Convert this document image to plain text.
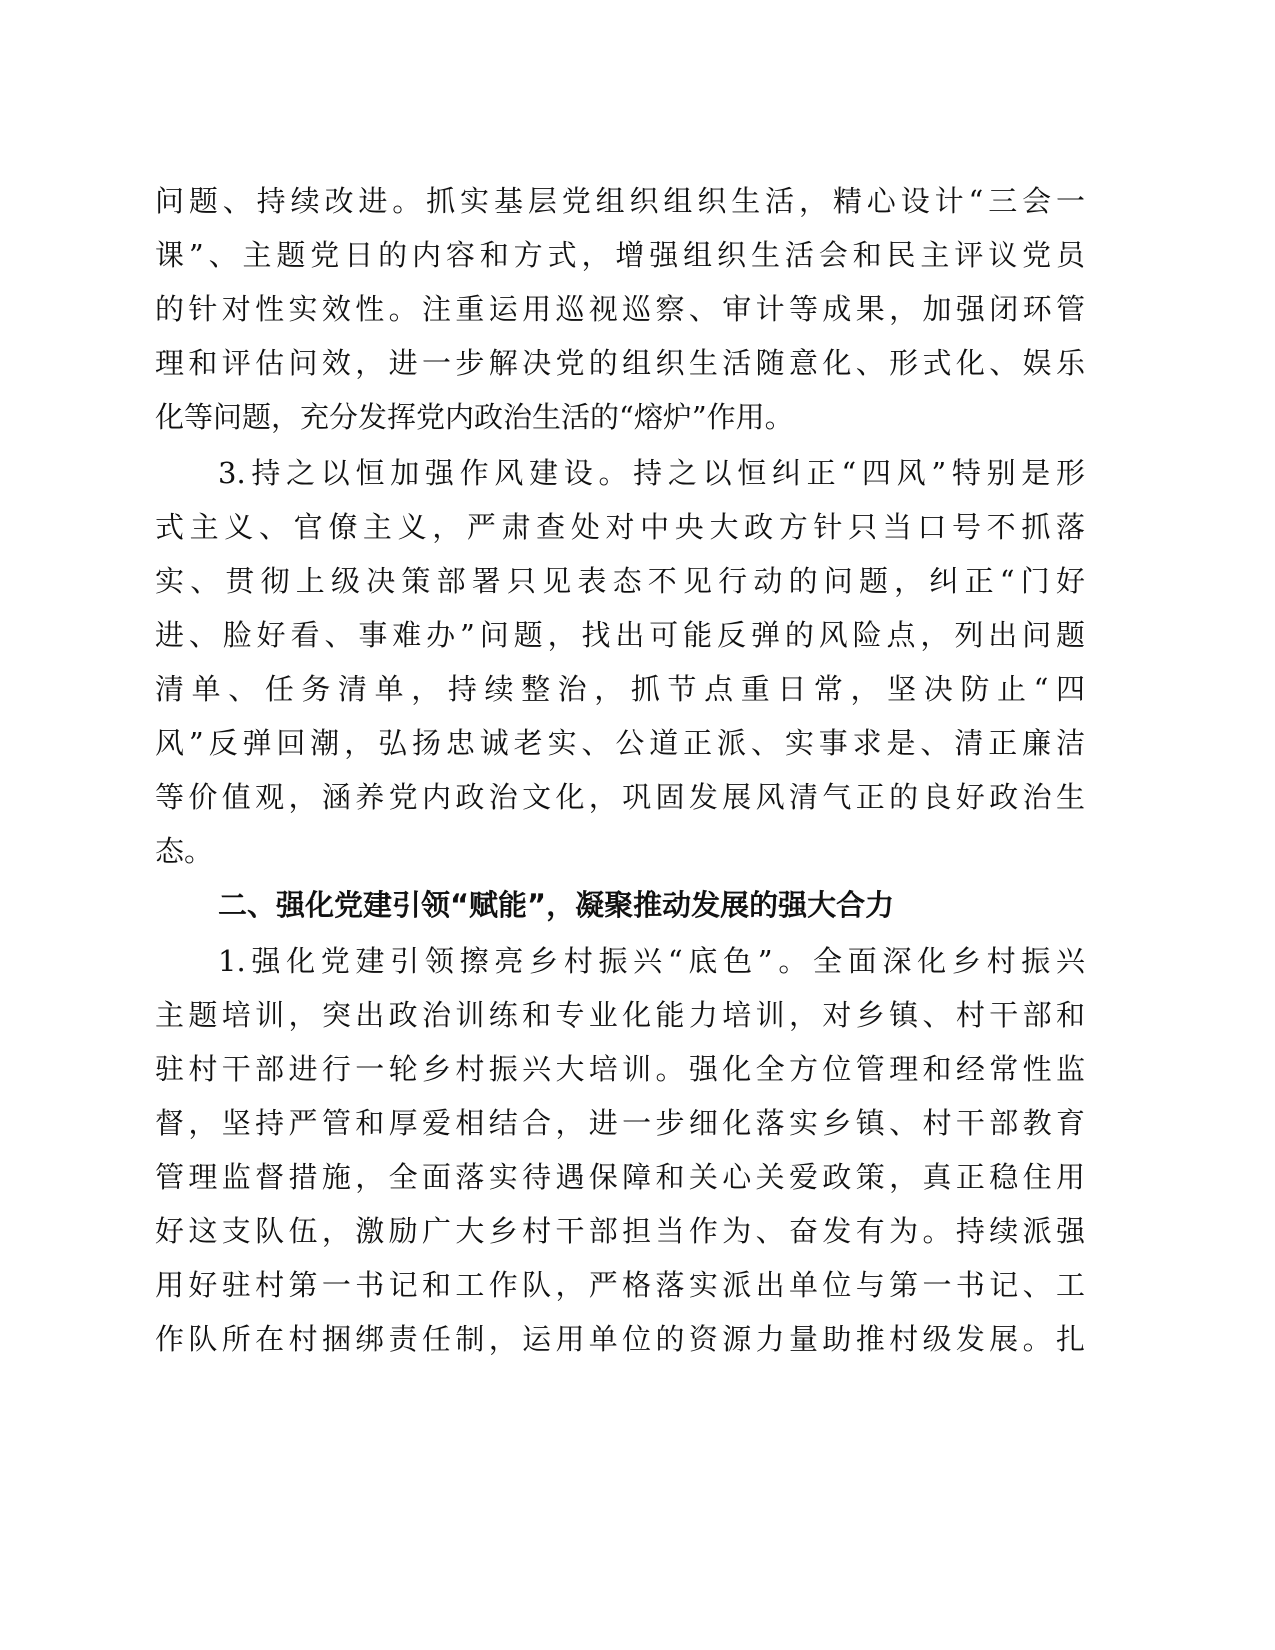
问题、持续改进。抓实基层党组织组织生活，精心设计“三会一
课”、主题党日的内容和方式，增强组织生活会和民主评议党员
的针对性实效性。注重运用巡视巡察、审计等成果，加强闭环管
理和评估问效，进一步解决党的组织生活随意化、形式化、娱乐
化等问题，充分发挥党内政治生活的“熔炉”作用。
3.持之以恒加强作风建设。持之以恒纠正“四风”特别是形
式主义、官僚主义，严肃查处对中央大政方针只当口号不抓落
实、贯彻上级决策部署只见表态不见行动的问题，纠正“门好
进、脸好看、事难办”问题，找出可能反弹的风险点，列出问题
清单、任务清单，持续整治，抓节点重日常，坚决防止“四
风”反弹回潮，弘扬忠诚老实、公道正派、实事求是、清正廉洁
等价值观，涵养党内政治文化，巩固发展风清气正的良好政治生
态。
二、强化党建引领“赋能”，凝聚推动发展的强大合力
1.强化党建引领擦亮乡村振兴“底色”。全面深化乡村振兴
主题培训，突出政治训练和专业化能力培训，对乡镇、村干部和
驻村干部进行一轮乡村振兴大培训。强化全方位管理和经常性监
督，坚持严管和厚爱相结合，进一步细化落实乡镇、村干部教育
管理监督措施，全面落实待遇保障和关心关爱政策，真正稳住用
好这支队伍，激励广大乡村干部担当作为、奋发有为。持续派强
用好驻村第一书记和工作队，严格落实派出单位与第一书记、工
作队所在村捆绑责任制，运用单位的资源力量助推村级发展。扎
